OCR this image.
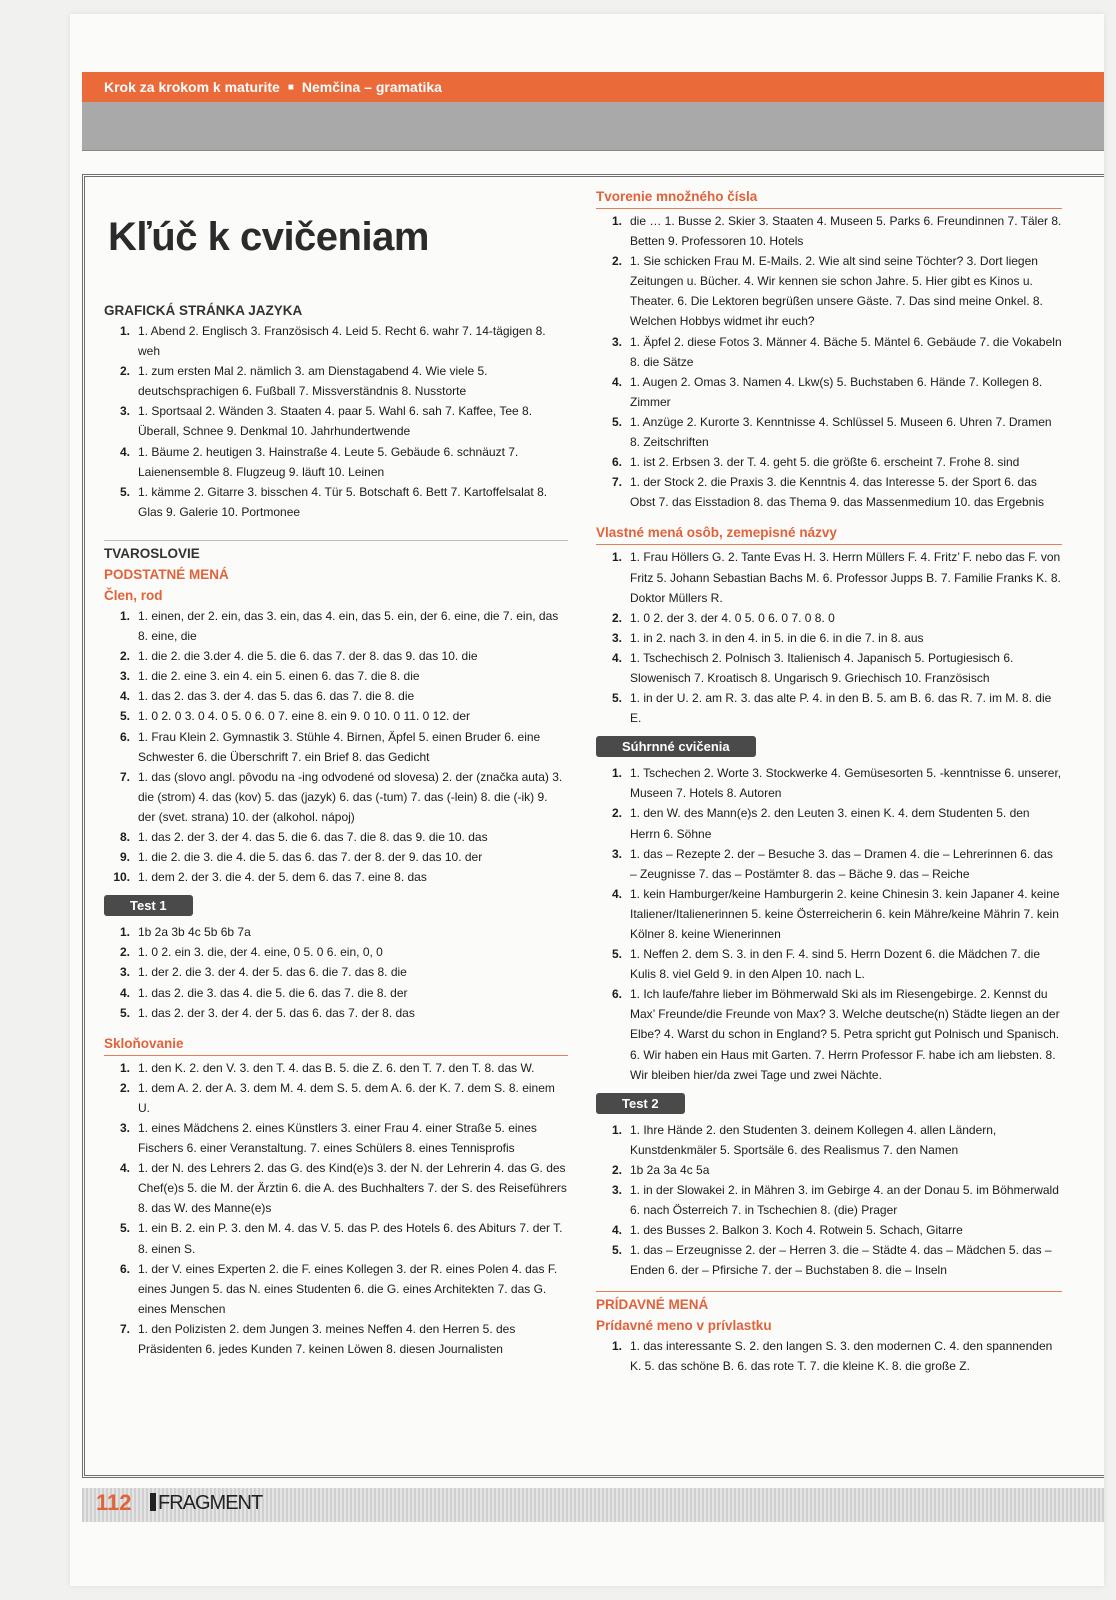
Krok za krokom k maturite ■ Nemčina – gramatika
Kľúč k cvičeniam
GRAFICKÁ STRÁNKA JAZYKA
1. 1. Abend 2. Englisch 3. Französisch 4. Leid 5. Recht 6. wahr 7. 14-tägigen 8. weh
2. 1. zum ersten Mal 2. nämlich 3. am Dienstagabend 4. Wie viele 5. deutschsprachigen 6. Fußball 7. Missverständnis 8. Nusstorte
3. 1. Sportsaal 2. Wänden 3. Staaten 4. paar 5. Wahl 6. sah 7. Kaffee, Tee 8. Überall, Schnee 9. Denkmal 10. Jahrhundertwende
4. 1. Bäume 2. heutigen 3. Hainstraße 4. Leute 5. Gebäude 6. schnäuzt 7. Laienensemble 8. Flugzeug 9. läuft 10. Leinen
5. 1. kämme 2. Gitarre 3. bisschen 4. Tür 5. Botschaft 6. Bett 7. Kartoffelsalat 8. Glas 9. Galerie 10. Portmonee
TVAROSLOVIE
PODSTATNÉ MENÁ
Člen, rod
1. 1. einen, der 2. ein, das 3. ein, das 4. ein, das 5. ein, der 6. eine, die 7. ein, das 8. eine, die
2. 1. die 2. die 3.der 4. die 5. die 6. das 7. der 8. das 9. das 10. die
3. 1. die 2. eine 3. ein 4. ein 5. einen 6. das 7. die 8. die
4. 1. das 2. das 3. der 4. das 5. das 6. das 7. die 8. die
5. 1. 0 2. 0 3. 0 4. 0 5. 0 6. 0 7. eine 8. ein 9. 0 10. 0 11. 0 12. der
6. 1. Frau Klein 2. Gymnastik 3. Stühle 4. Birnen, Äpfel 5. einen Bruder 6. eine Schwester 6. die Überschrift 7. ein Brief 8. das Gedicht
7. 1. das (slovo angl. pôvodu na -ing odvodené od slovesa) 2. der (značka auta) 3. die (strom) 4. das (kov) 5. das (jazyk) 6. das (-tum) 7. das (-lein) 8. die (-ik) 9. der (svet. strana) 10. der (alkohol. nápoj)
8. 1. das 2. der 3. der 4. das 5. die 6. das 7. die 8. das 9. die 10. das
9. 1. die 2. die 3. die 4. die 5. das 6. das 7. der 8. der 9. das 10. der
10. 1. dem 2. der 3. die 4. der 5. dem 6. das 7. eine 8. das
Test 1
1. 1b 2a 3b 4c 5b 6b 7a
2. 1. 0 2. ein 3. die, der 4. eine, 0 5. 0 6. ein, 0, 0
3. 1. der 2. die 3. der 4. der 5. das 6. die 7. das 8. die
4. 1. das 2. die 3. das 4. die 5. die 6. das 7. die 8. der
5. 1. das 2. der 3. der 4. der 5. das 6. das 7. der 8. das
Skloňovanie
1. 1. den K. 2. den V. 3. den T. 4. das B. 5. die Z. 6. den T. 7. den T. 8. das W.
2. 1. dem A. 2. der A. 3. dem M. 4. dem S. 5. dem A. 6. der K. 7. dem S. 8. einem U.
3. 1. eines Mädchens 2. eines Künstlers 3. einer Frau 4. einer Straße 5. eines Fischers 6. einer Veranstaltung. 7. eines Schülers 8. eines Tennisprofis
4. 1. der N. des Lehrers 2. das G. des Kind(e)s 3. der N. der Lehrerin 4. das G. des Chef(e)s 5. die M. der Ärztin 6. die A. des Buchhalters 7. der S. des Reiseführers 8. das W. des Manne(e)s
5. 1. ein B. 2. ein P. 3. den M. 4. das V. 5. das P. des Hotels 6. des Abiturs 7. der T. 8. einen S.
6. 1. der V. eines Experten 2. die F. eines Kollegen 3. der R. eines Polen 4. das F. eines Jungen 5. das N. eines Studenten 6. die G. eines Architekten 7. das G. eines Menschen
7. 1. den Polizisten 2. dem Jungen 3. meines Neffen 4. den Herren 5. des Präsidenten 6. jedes Kunden 7. keinen Löwen 8. diesen Journalisten
Tvorenie množného čísla
1. die … 1. Busse 2. Skier 3. Staaten 4. Museen 5. Parks 6. Freundinnen 7. Täler 8. Betten 9. Professoren 10. Hotels
2. 1. Sie schicken Frau M. E-Mails. 2. Wie alt sind seine Töchter? 3. Dort liegen Zeitungen u. Bücher. 4. Wir kennen sie schon Jahre. 5. Hier gibt es Kinos u. Theater. 6. Die Lektoren begrüßen unsere Gäste. 7. Das sind meine Onkel. 8. Welchen Hobbys widmet ihr euch?
3. 1. Äpfel 2. diese Fotos 3. Männer 4. Bäche 5. Mäntel 6. Gebäude 7. die Vokabeln 8. die Sätze
4. 1. Augen 2. Omas 3. Namen 4. Lkw(s) 5. Buchstaben 6. Hände 7. Kollegen 8. Zimmer
5. 1. Anzüge 2. Kurorte 3. Kenntnisse 4. Schlüssel 5. Museen 6. Uhren 7. Dramen 8. Zeitschriften
6. 1. ist 2. Erbsen 3. der T. 4. geht 5. die größte 6. erscheint 7. Frohe 8. sind
7. 1. der Stock 2. die Praxis 3. die Kenntnis 4. das Interesse 5. der Sport 6. das Obst 7. das Eisstadion 8. das Thema 9. das Massenmedium 10. das Ergebnis
Vlastné mená osôb, zemepisné názvy
1. 1. Frau Höllers G. 2. Tante Evas H. 3. Herrn Müllers F. 4. Fritz’ F. nebo das F. von Fritz 5. Johann Sebastian Bachs M. 6. Professor Jupps B. 7. Familie Franks K. 8. Doktor Müllers R.
2. 1. 0 2. der 3. der 4. 0 5. 0 6. 0 7. 0 8. 0
3. 1. in 2. nach 3. in den 4. in 5. in die 6. in die 7. in 8. aus
4. 1. Tschechisch 2. Polnisch 3. Italienisch 4. Japanisch 5. Portugiesisch 6. Slowenisch 7. Kroatisch 8. Ungarisch 9. Griechisch 10. Französisch
5. 1. in der U. 2. am R. 3. das alte P. 4. in den B. 5. am B. 6. das R. 7. im M. 8. die E.
Súhrnné cvičenia
1. 1. Tschechen 2. Worte 3. Stockwerke 4. Gemüsesorten 5. -kenntnisse 6. unserer, Museen 7. Hotels 8. Autoren
2. 1. den W. des Mann(e)s 2. den Leuten 3. einen K. 4. dem Studenten 5. den Herrn 6. Söhne
3. 1. das – Rezepte 2. der – Besuche 3. das – Dramen 4. die – Lehrerinnen 6. das – Zeugnisse 7. das – Postämter 8. das – Bäche 9. das – Reiche
4. 1. kein Hamburger/keine Hamburgerin 2. keine Chinesin 3. kein Japaner 4. keine Italiener/Italienerinnen 5. keine Österreicherin 6. kein Mähre/keine Mährin 7. kein Kölner 8. keine Wienerinnen
5. 1. Neffen 2. dem S. 3. in den F. 4. sind 5. Herrn Dozent 6. die Mädchen 7. die Kulis 8. viel Geld 9. in den Alpen 10. nach L.
6. 1. Ich laufe/fahre lieber im Böhmerwald Ski als im Riesengebirge. 2. Kennst du Max’ Freunde/die Freunde von Max? 3. Welche deutsche(n) Städte liegen an der Elbe? 4. Warst du schon in England? 5. Petra spricht gut Polnisch und Spanisch. 6. Wir haben ein Haus mit Garten. 7. Herrn Professor F. habe ich am liebsten. 8. Wir bleiben hier/da zwei Tage und zwei Nächte.
Test 2
1. 1. Ihre Hände 2. den Studenten 3. deinem Kollegen 4. allen Ländern, Kunstdenkmäler 5. Sportsäle 6. des Realismus 7. den Namen
2. 1b 2a 3a 4c 5a
3. 1. in der Slowakei 2. in Mähren 3. im Gebirge 4. an der Donau 5. im Böhmerwald 6. nach Österreich 7. in Tschechien 8. (die) Prager
4. 1. des Busses 2. Balkon 3. Koch 4. Rotwein 5. Schach, Gitarre
5. 1. das – Erzeugnisse 2. der – Herren 3. die – Städte 4. das – Mädchen 5. das – Enden 6. der – Pfirsiche 7. der – Buchstaben 8. die – Inseln
PRÍDAVNÉ MENÁ
Prídavné meno v prívlastku
1. 1. das interessante S. 2. den langen S. 3. den modernen C. 4. den spannenden K. 5. das schöne B. 6. das rote T. 7. die kleine K. 8. die große Z.
112	FRAGMENT
